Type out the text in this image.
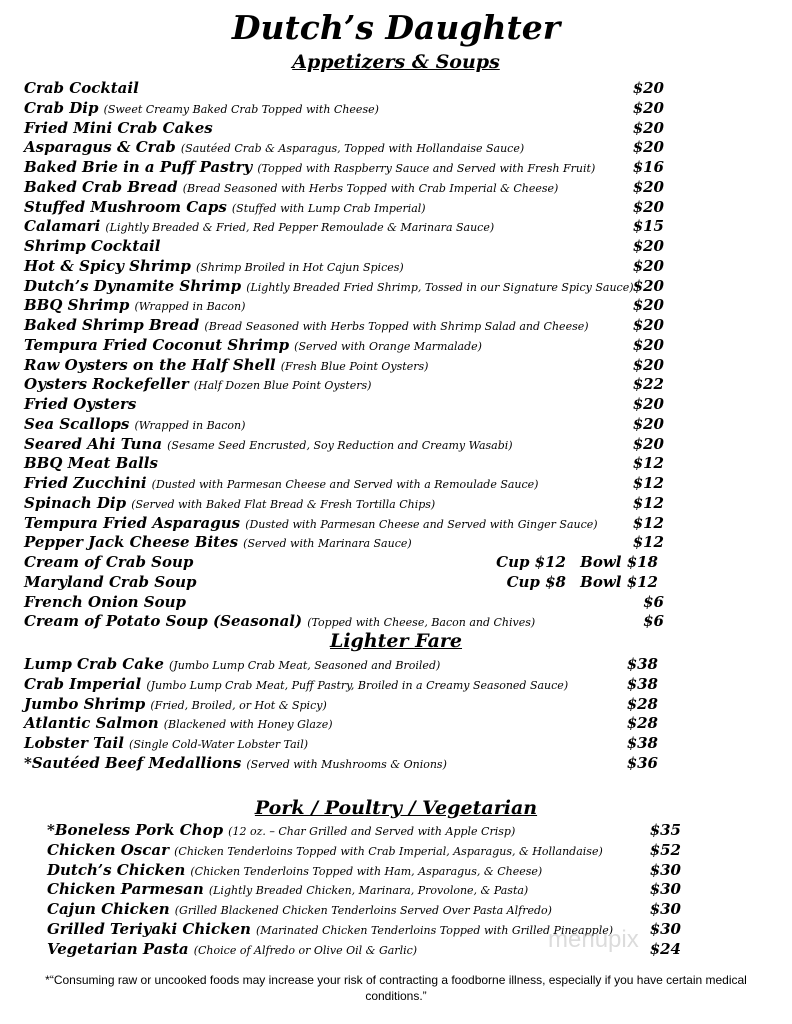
Dutch’s Daughter
Appetizers & Soups
Lighter Fare
Pork / Poultry / Vegetarian
Crab Cocktail	$20
Crab Dip (Sweet Creamy Baked Crab Topped with Cheese)	$20
Fried Mini Crab Cakes	$20
Asparagus & Crab (Sautéed Crab & Asparagus, Topped with Hollandaise Sauce)	$20
Baked Brie in a Puff Pastry (Topped with Raspberry Sauce and Served with Fresh Fruit) $16
Baked Crab Bread (Bread Seasoned with Herbs Topped with Crab Imperial & Cheese)	$20
Stuffed Mushroom Caps (Stuffed with Lump Crab Imperial)	$20
Calamari (Lightly Breaded & Fried, Red Pepper Remoulade & Marinara Sauce)	$15
Shrimp Cocktail	$20
Hot & Spicy Shrimp (Shrimp Broiled in Hot Cajun Spices)	$20
Dutch’s Dynamite Shrimp (Lightly Breaded Fried Shrimp, Tossed in our Signature Spicy Sauce) $20
BBQ Shrimp (Wrapped in Bacon)	$20
Baked Shrimp Bread (Bread Seasoned with Herbs Topped with Shrimp Salad and Cheese)	$20
Tempura Fried Coconut Shrimp (Served with Orange Marmalade)	$20
Raw Oysters on the Half Shell (Fresh Blue Point Oysters)	$20
Oysters Rockefeller (Half Dozen Blue Point Oysters)	$22
Fried Oysters	$20
Sea Scallops (Wrapped in Bacon)	$20
Seared Ahi Tuna (Sesame Seed Encrusted, Soy Reduction and Creamy Wasabi)	$20
BBQ Meat Balls	$12
Fried Zucchini (Dusted with Parmesan Cheese and Served with a Remoulade Sauce)	$12
Spinach Dip (Served with Baked Flat Bread & Fresh Tortilla Chips)	$12
Tempura Fried Asparagus (Dusted with Parmesan Cheese and Served with Ginger Sauce) $12
Pepper Jack Cheese Bites (Served with Marinara Sauce)	$12
Cream of Crab Soup	Cup $12 Bowl $18
Maryland Crab Soup	Cup $8 Bowl $12
French Onion Soup	$6
Cream of Potato Soup (Seasonal) (Topped with Cheese, Bacon and Chives)	$6
Lump Crab Cake (Jumbo Lump Crab Meat, Seasoned and Broiled)	$38
Crab Imperial (Jumbo Lump Crab Meat, Puff Pastry, Broiled in a Creamy Seasoned Sauce)	$38
Jumbo Shrimp (Fried, Broiled, or Hot & Spicy)	$28
Atlantic Salmon (Blackened with Honey Glaze)	$28
Lobster Tail (Single Cold-Water Lobster Tail)	$38
*Sautéed Beef Medallions (Served with Mushrooms & Onions)	$36
*Boneless Pork Chop (12 oz. – Char Grilled and Served with Apple Crisp)	$35
Chicken Oscar (Chicken Tenderloins Topped with Crab Imperial, Asparagus, & Hollandaise)	$52
Dutch’s Chicken (Chicken Tenderloins Topped with Ham, Asparagus, & Cheese)	$30
Chicken Parmesan (Lightly Breaded Chicken, Marinara, Provolone, & Pasta)	$30
Cajun Chicken (Grilled Blackened Chicken Tenderloins Served Over Pasta Alfredo)	$30
Grilled Teriyaki Chicken (Marinated Chicken Tenderloins Topped with Grilled Pineapple) $30
Vegetarian Pasta (Choice of Alfredo or Olive Oil & Garlic)	$24
menupix
*“Consuming raw or uncooked foods may increase your risk of contracting a foodborne illness, especially if you have certain medical conditions.”
